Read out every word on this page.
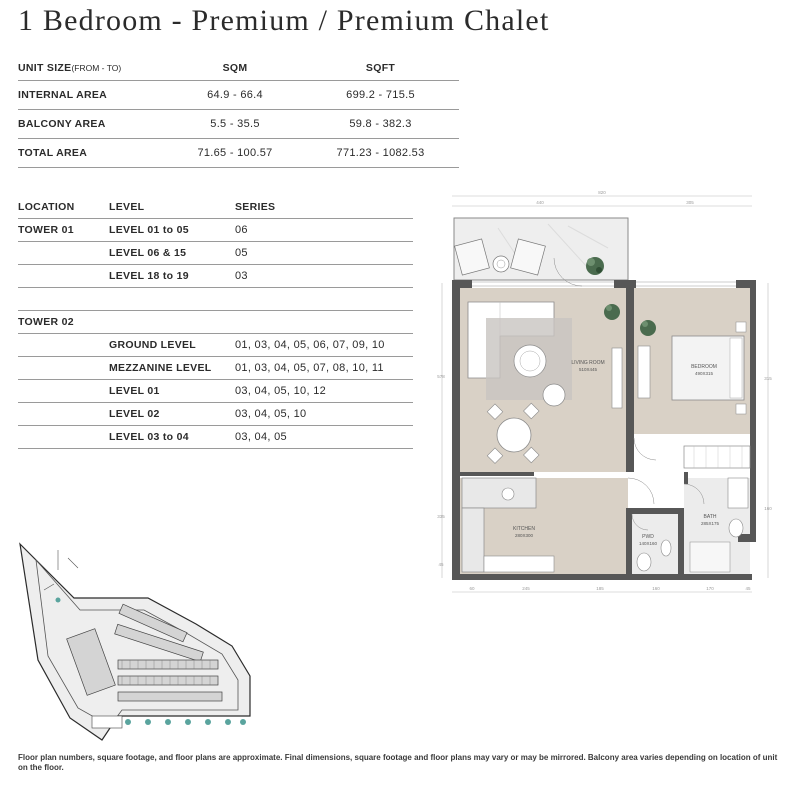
1 Bedroom - Premium / Premium Chalet
UNIT SIZE(FROM - TO)	SQM	SQFT
INTERNAL AREA	64.9 - 66.4	699.2 - 715.5
BALCONY AREA	5.5 - 35.5	59.8 - 382.3
TOTAL AREA	71.65 - 100.57	771.23 - 1082.53
LOCATION	LEVEL	SERIES
TOWER 01	LEVEL 01 to 05	06
	LEVEL 06 & 15	05
	LEVEL 18 to 19	03

TOWER 02		
	GROUND LEVEL	01, 03, 04, 05, 06, 07, 09, 10
	MEZZANINE LEVEL	01, 03, 04, 05, 07, 08, 10, 11
	LEVEL 01	03, 04, 05, 10, 12
	LEVEL 02	03, 04, 05, 10
	LEVEL 03 to 04	03, 04, 05
820
440	305
60	245	185	160	170	45
578
335
45
315
160
LIVING ROOM
510X445	BEDROOM
490X315
KITCHEN
280X300	PWD
140X160
BATH
285X175

Floor plan numbers, square footage, and floor plans are approximate. Final dimensions, square footage and floor plans may vary or may be mirrored. Balcony area varies depending on location of unit on the floor.
